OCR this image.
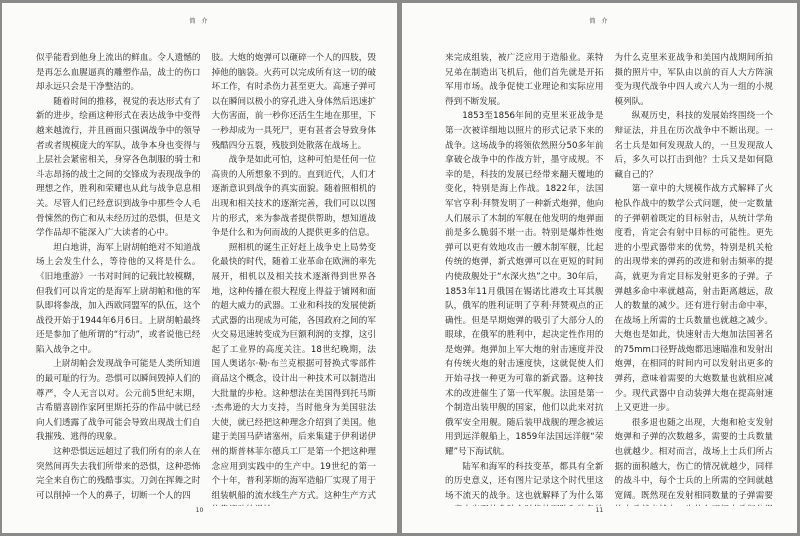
简 介

似乎能看到他身上流出的鲜血。令人遗憾的是再怎么血腥逼真的雕塑作品，战士的伤口却永远只会是干净整洁的。

随着时间的推移，视觉的表达形式有了新的进步，绘画这种形式在表达战争中变得越来越流行，并且画面只强调战争中的领导者或者规模庞大的军队，战争本身也变得与上层社会紧密相关，身穿各色制服的骑士和斗志昂扬的战士之间的交锋成为表现战争的理想之作，胜利和荣耀也从此与战争息息相关。尽管人们已经意识到战争中那些令人毛骨悚然的伤亡和从未经历过的恐惧，但是文学作品却不能深入广大读者的心中。

坦白地讲，海军上尉胡帕绝对不知道战场上会发生什么，等待他的又将是什么。《旧地重游》一书对时间的记载比较模糊，但我们可以肯定的是海军上尉胡帕和他的军队即将参战，加入西欧同盟军的队伍，这个战役开始于1944年6月6日。上尉胡帕最终还是参加了他所谓的“行动”，或者说他已经陷入战争之中。

上尉胡帕会发现战争可能是人类所知道的最可耻的行为。恐惧可以瞬间毁掉人们的尊严，令人无言以对。公元前5世纪末期，古希腊喜剧作家阿里斯托芬的作品中就已经向人们透露了战争可能会导致出现战士们自我摧残、逃得的现象。

这种恐惧远远超过了我们所有的亲人在突然间再失去我们所带来的恐惧，这种恐怖完全来自伤亡的残酷事实。刀剑在挥舞之时可以削掉一个人的鼻子，切断一个人的四

肢。大炮的炮弹可以砸碎一个人的四肢，毁掉他的脑袋。火药可以完成所有这一切的破坏工作，有时杀伤力甚至更大。高速子弹可以在瞬间以极小的穿孔进入身体然后迅速扩大伤害面，前一秒你还活生生地在那里，下一秒却成为一具死尸，更有甚者会导致身体残酷四分五裂，残肢到处散落在战场上。

战争是如此可怕，这种可怕是任何一位高贵的人所想象不到的。直到近代，人们才逐渐意识到战争的真实面貌。随着照相机的出现和相关技术的逐渐完善，我们可以以图片的形式，来为参战者提供帮助，想知道战争是什么和为何而战的人提供更多的信息。

照相机的诞生正好赶上战争史上局势变化最快的时代，随着工业革命在欧洲的率先展开，相机以及相关技术逐渐得到世界各地，这种传播在很大程度上得益于铺网和面的超大威力的武器。工业和科技的发展使新式武器的出现成为可能，各国政府之间的军火交易迅速转变成为巨额利润的支撑，这引起了工业界的高度关注。18世纪晚期，法国人奥诺尔·勒·布兰克根据可替换式零部件商品这个概念，设计出一种技术可以制造出大批量的步枪。这种想法在美国得到托马斯·杰弗逊的大力支持，当时他身为美国驻法大使，就已经把这种理念介绍到了美国。他建于美国马萨诸塞州，后来集建于伊利诺伊州的斯普林菲尔德兵工厂是第一个把这种理念应用到实践中的生产中。19世纪的第一个十年，普利茅斯的海军造船厂实现了用于组装帆船的流水线生产方式。这种生产方式

10
简 介

来完成组装，被广泛应用于造船业。莱特兄弟在制造出飞机后，他们首先就是开拓军用市场。战争促使工业理论和实际应用得到不断发展。

1853至1856年间的克里米亚战争是第一次被详细地以照片的形式记录下来的战争。这场战争的将领依然照分50多年前拿破仑战争中的作战方针，墨守成规。不幸的是，科技的发展已经带来翻天覆地的变化，特别是海上作战。1822年，法国军官亨利·拜赞发明了一种新式炮弹，他向人们展示了木制的军舰在他发明的炮弹面前是多么脆弱不堪一击。特别是爆炸性炮弹可以更有效地攻击一艘木制军舰，比起传统的炮弹，新式炮弹可以在更短的时间内使敌舰处于“水深火热”之中。30年后，1853年11月俄国在锡诺比港攻土耳其舰队，俄军的胜利证明了亨利·拜赞观点的正确性。但是早期炮弹的吸引了大部分人的眼球，在俄军的胜利中，起决定性作用的是炮弹。炮弹加上军大炮的射击速度并没有传统火炮的射击速度快，这就促使人们开始寻找一种更为可靠的新武器。这种技术的改进催生了第一代军舰。法国是第一个制造出装甲舰的国家，他们以此来对抗俄军安全用舰。随后装甲战舰的理念被运用到远洋舰船上，1859年法国远洋舰“荣耀”号下海试航。

陆军和海军的科技变革，都具有全新的历史意义，还有图片记录这个时代里这场不流天的战争。这也就解释了为什么第

为什么克里米亚战争和美国内战期间所拍摄的照片中，军队由以前的百人大方阵演变为现代战争中四人或六人为一组的小规模列队。

纵观历史，科技的发展始终围绕一个辩证法，并且在历次战争中不断出现。一名士兵是如何发现敌人的，一旦发现敌人后，多久可以打击到他？士兵又是如何隐藏自己的？

第一章中的大规模作战方式解释了火枪队作战中的数学公式问题，使一定数量的子弹朝着既定的目标射击，从统计学角度看，肯定会有射中目标的可能性。更先进的小型武器带来的优势，特别是机关枪的出现带来的弹药的改进和射击频率的提高，就更为肯定目标发射更多的子弹。子弹越多命中率就越高，射击距离越远，敌人的数量的减少。还有进行射击命中率，在战场上所需的士兵数量也就越之减少。大炮也是如此，快速射击大炮加法国著名的75mm口径野战炮都迅速瞄准和发射出炮弹，在相同的时间内可以发射出更多的弹药，意味着需要的大炮数量也就相应减少。现代武器中自动装弹大炮在提高射速上又更进一步。

很多退也随之出现，大炮和枪支发射炮弹和子弹的次数越多，需要的士兵数量也就越少。相对而言，战场上士兵们所占据的面积越大，伤亡的情况就越少，同样的战斗中，每个士兵的上所需的空间就越宽阔。既然现在发射相同数量的子弹需要

11
